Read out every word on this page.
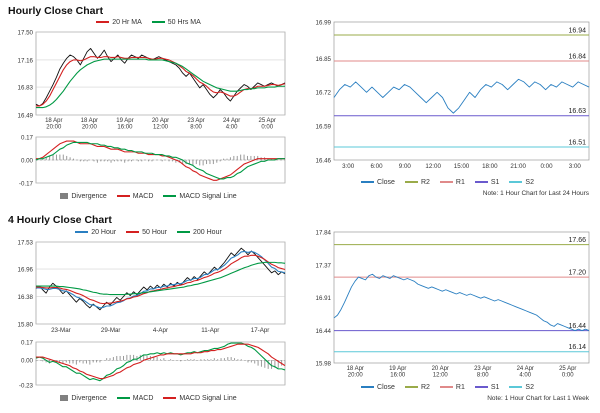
Hourly Close Chart
4 Hourly Close Chart
20 Hr MA	50 Hrs MA
16.49
16.83
17.16
17.50
18 Apr
20:00
18 Apr
20:00
19 Apr
16:00
20 Apr
12:00
23 Apr
8:00
24 Apr
4:00
25 Apr
0:00
-0.17
0.00
0.17
Divergence	MACD	MACD Signal Line
16.46
16.59
16.72
16.85
16.99
16.94
16.84
16.63
16.51
3:00	6:00	9:00 12:00 15:00 18:00 21:00 0:00	3:00
Close	R2	R1	S1	S2
Note: 1 Hour Chart for Last 24 Hours
20 Hour	50 Hour	200 Hour
15.80
16.38
16.96
17.53
23-Mar	29-Mar	4-Apr	11-Apr	17-Apr
-0.23
0.00
0.17
Divergence	MACD	MACD Signal Line
15.98
16.44
16.91
17.37
17.84
17.66
17.20
16.44
16.14
18 Apr
20:00
19 Apr
16:00
20 Apr
12:00
23 Apr
8:00
24 Apr
4:00
25 Apr
0:00
Close	R2	R1	S1	S2
Note: 1 Hour Chart for Last 1 Week
